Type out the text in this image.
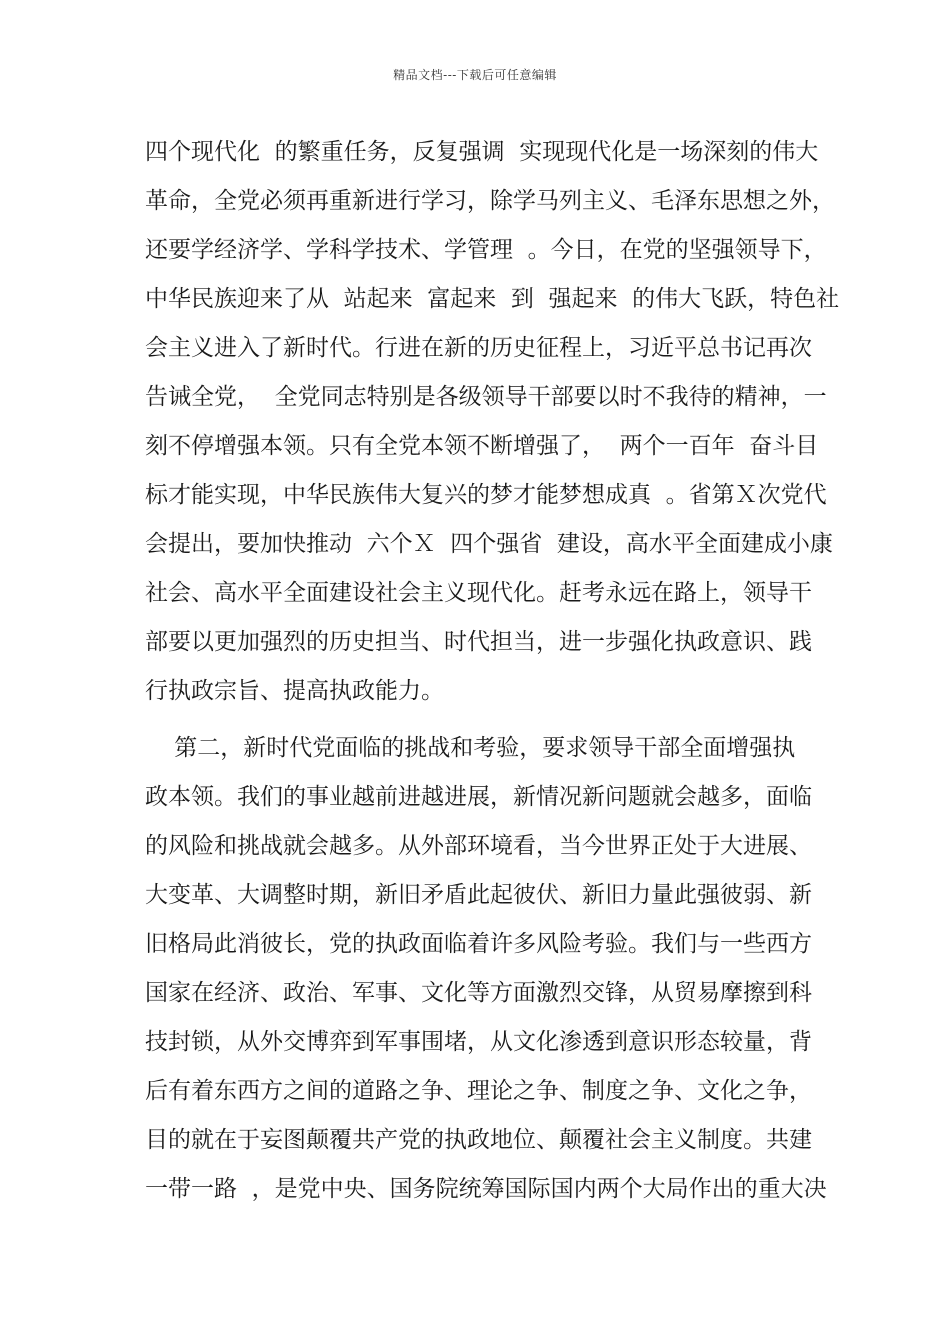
精品文档---下载后可任意编辑
四个现代化  的繁重任务，反复强调  实现现代化是一场深刻的伟大
革命，全党必须再重新进行学习，除学马列主义、毛泽东思想之外，
还要学经济学、学科学技术、学管理  。今日，在党的坚强领导下，
中华民族迎来了从  站起来  富起来  到  强起来  的伟大飞跃，特色社
会主义进入了新时代。行进在新的历史征程上，习近平总书记再次
告诫全党，  全党同志特别是各级领导干部要以时不我待的精神，一
刻不停增强本领。只有全党本领不断增强了，  两个一百年  奋斗目
标才能实现，中华民族伟大复兴的梦才能梦想成真  。省第Ｘ次党代
会提出，要加快推动  六个Ｘ  四个强省  建设，高水平全面建成小康
社会、高水平全面建设社会主义现代化。赶考永远在路上，领导干
部要以更加强烈的历史担当、时代担当，进一步强化执政意识、践
行执政宗旨、提高执政能力。
第二，新时代党面临的挑战和考验，要求领导干部全面增强执
政本领。我们的事业越前进越进展，新情况新问题就会越多，面临
的风险和挑战就会越多。从外部环境看，当今世界正处于大进展、
大变革、大调整时期，新旧矛盾此起彼伏、新旧力量此强彼弱、新
旧格局此消彼长，党的执政面临着许多风险考验。我们与一些西方
国家在经济、政治、军事、文化等方面激烈交锋，从贸易摩擦到科
技封锁，从外交博弈到军事围堵，从文化渗透到意识形态较量，背
后有着东西方之间的道路之争、理论之争、制度之争、文化之争，
目的就在于妄图颠覆共产党的执政地位、颠覆社会主义制度。共建
一带一路  ，是党中央、国务院统筹国际国内两个大局作出的重大决
